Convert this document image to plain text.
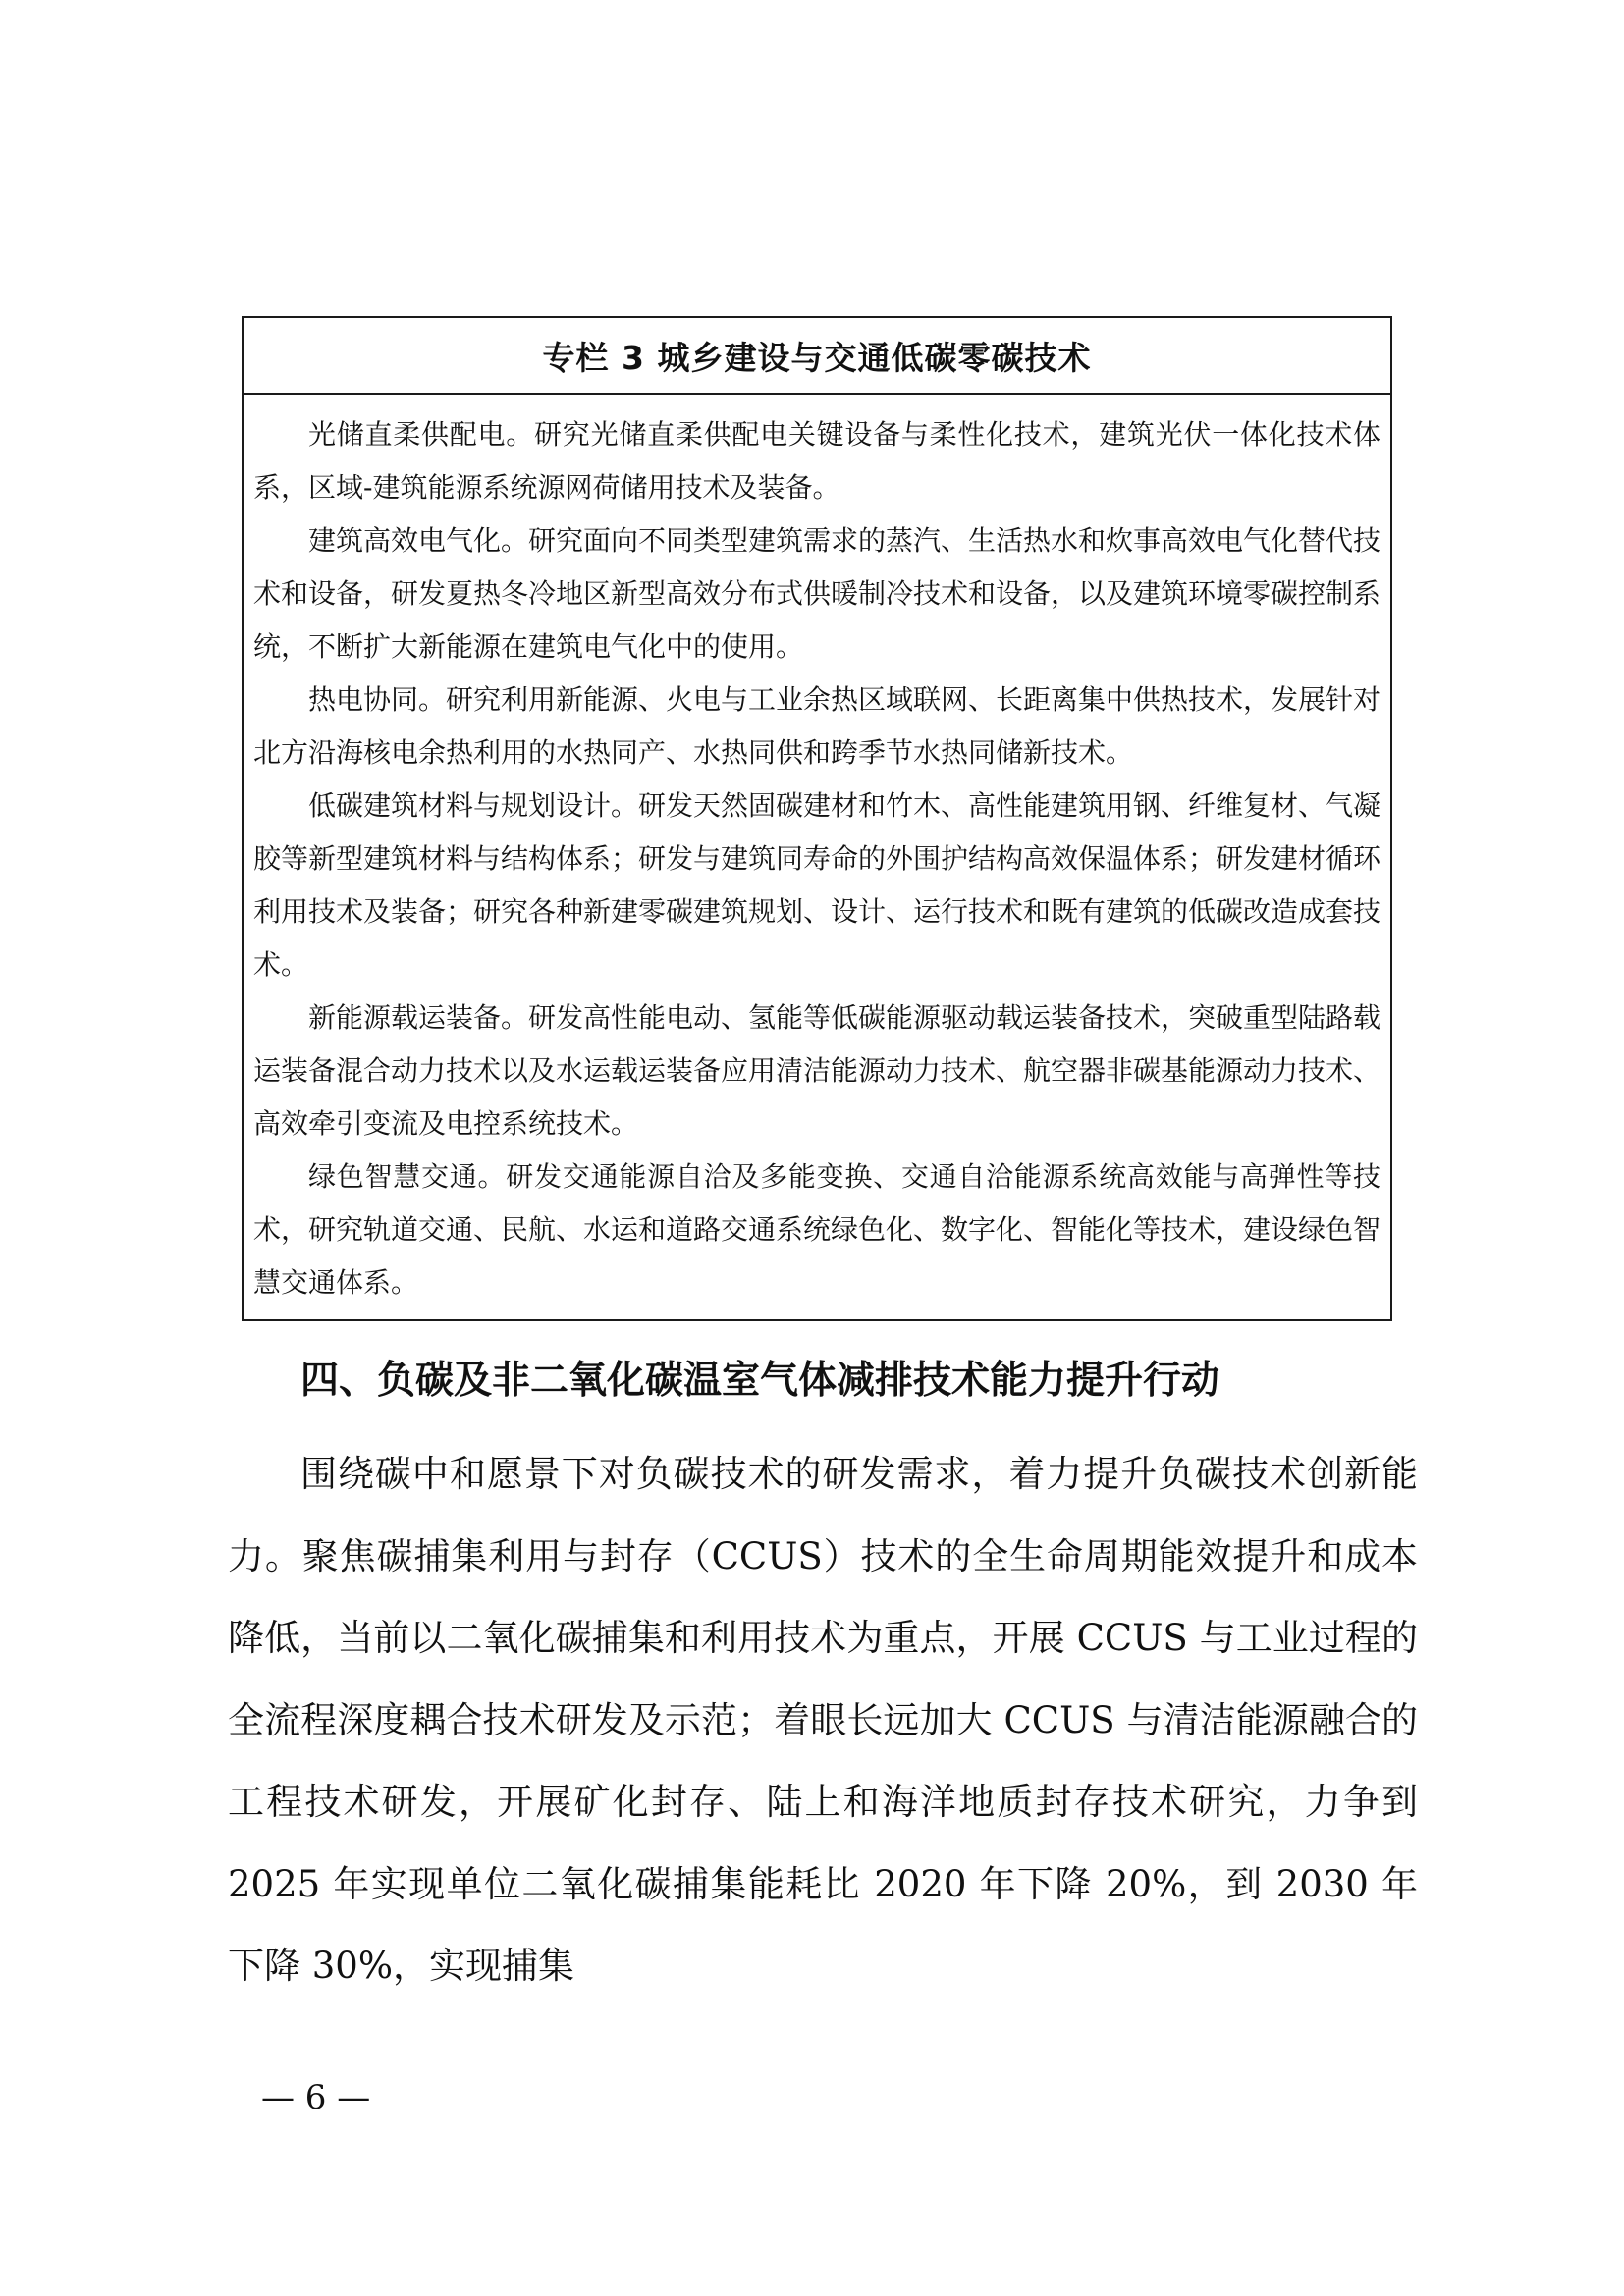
专栏 3 城乡建设与交通低碳零碳技术

光储直柔供配电。研究光储直柔供配电关键设备与柔性化技术，建筑光伏一体化技术体系，区域-建筑能源系统源网荷储用技术及装备。

建筑高效电气化。研究面向不同类型建筑需求的蒸汽、生活热水和炊事高效电气化替代技术和设备，研发夏热冬冷地区新型高效分布式供暖制冷技术和设备，以及建筑环境零碳控制系统，不断扩大新能源在建筑电气化中的使用。

热电协同。研究利用新能源、火电与工业余热区域联网、长距离集中供热技术，发展针对北方沿海核电余热利用的水热同产、水热同供和跨季节水热同储新技术。

低碳建筑材料与规划设计。研发天然固碳建材和竹木、高性能建筑用钢、纤维复材、气凝胶等新型建筑材料与结构体系；研发与建筑同寿命的外围护结构高效保温体系；研发建材循环利用技术及装备；研究各种新建零碳建筑规划、设计、运行技术和既有建筑的低碳改造成套技术。

新能源载运装备。研发高性能电动、氢能等低碳能源驱动载运装备技术，突破重型陆路载运装备混合动力技术以及水运载运装备应用清洁能源动力技术、航空器非碳基能源动力技术、高效牵引变流及电控系统技术。

绿色智慧交通。研发交通能源自洽及多能变换、交通自洽能源系统高效能与高弹性等技术，研究轨道交通、民航、水运和道路交通系统绿色化、数字化、智能化等技术，建设绿色智慧交通体系。

四、负碳及非二氧化碳温室气体减排技术能力提升行动

围绕碳中和愿景下对负碳技术的研发需求，着力提升负碳技术创新能力。聚焦碳捕集利用与封存（CCUS）技术的全生命周期能效提升和成本降低，当前以二氧化碳捕集和利用技术为重点，开展 CCUS 与工业过程的全流程深度耦合技术研发及示范；着眼长远加大 CCUS 与清洁能源融合的工程技术研发，开展矿化封存、陆上和海洋地质封存技术研究，力争到 2025 年实现单位二氧化碳捕集能耗比 2020 年下降 20%，到 2030 年下降 30%，实现捕集

— 6 —
